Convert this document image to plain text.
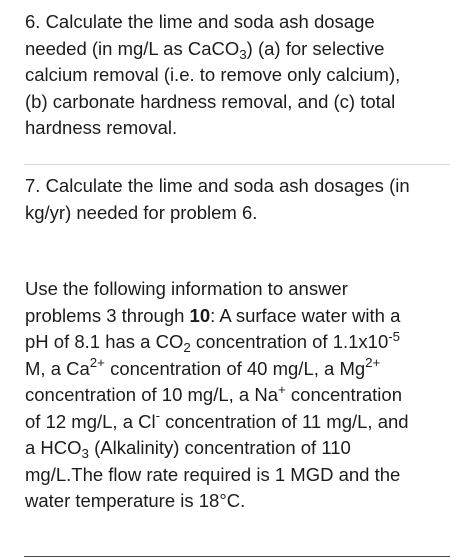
6. Calculate the lime and soda ash dosage
needed (in mg/L as CaCO$_3$) (a) for selective
calcium removal (i.e. to remove only calcium),
(b) carbonate hardness removal, and (c) total
hardness removal.

7. Calculate the lime and soda ash dosages (in
kg/yr) needed for problem 6.

Use the following information to answer
problems 3 through 10: A surface water with a
pH of 8.1 has a $CO_2$ concentration of $1.1x10^{-5}$
M, a $Ca^{2+}$ concentration of 40 mg/L, a $Mg^{2+}$
concentration of 10 mg/L, a Na+ concentration
of 12 mg/L, a Cl- concentration of 11 mg/L, and
a $HCO_3$ (Alkalinity) concentration of 110
mg/L.The flow rate required is 1 MGD and the
water temperature is 18°C.
